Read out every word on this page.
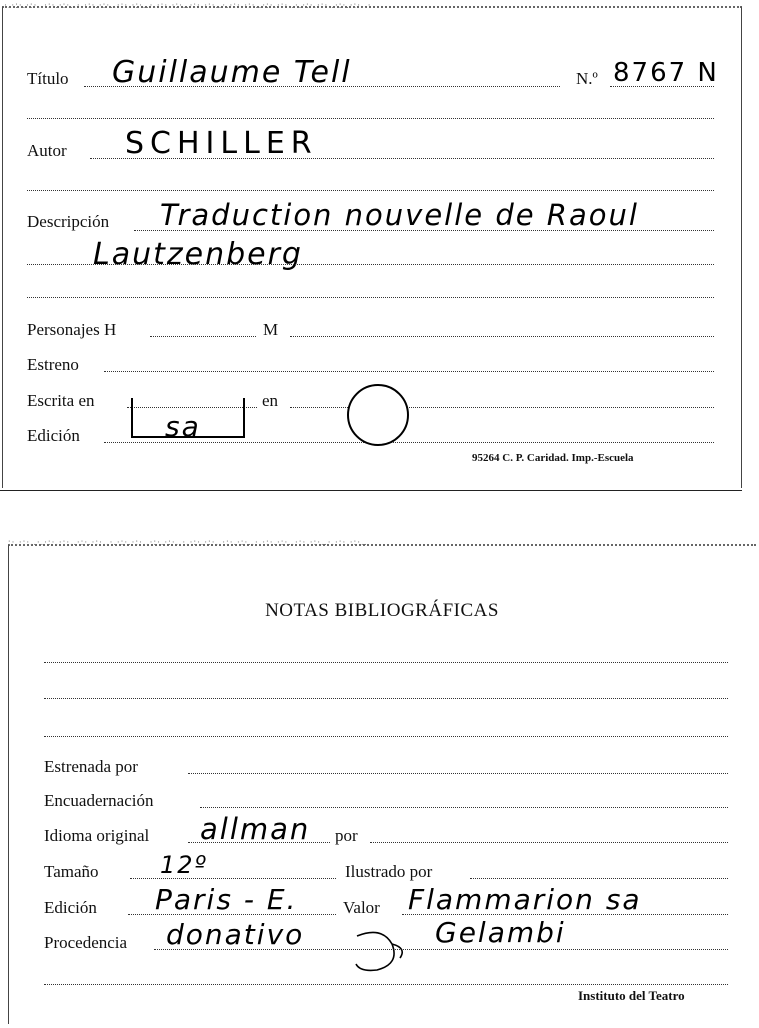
·.·:·.·:·..·:·.·:·..·.·:·.·:·..·:·.·:·..·.·:·.·:·..·:·.·:·..·.·:·.·:·..·:·.·:·..·.·:·.·:·..·:·.·:·..·
Título Guillaume Tell	N.º 8767 N
Autor SCHILLER
Descripción Traduction nouvelle de Raoul
Lautzenberg
Personajes H	M
Estreno
Escrita en	en
Edición	sa
95264 C. P. Caridad. Imp.-Escuela
:·.·:·..·.·:·.·:·..·:·.·:·..·.·:·.·:·..·:·.·:·..·.·:·.·:·..·:·.·:·..·.·:·.·:·..·:·.·:·..·.·:·.·:·..
NOTAS BIBLIOGRÁFICAS
Estrenada por
Encuadernación
Idioma original allman por
Tamaño	12º	Ilustrado por
Edición Paris - E.	Valor Flammarion sa
Procedencia donativo	Gelambi
Instituto del Teatro
